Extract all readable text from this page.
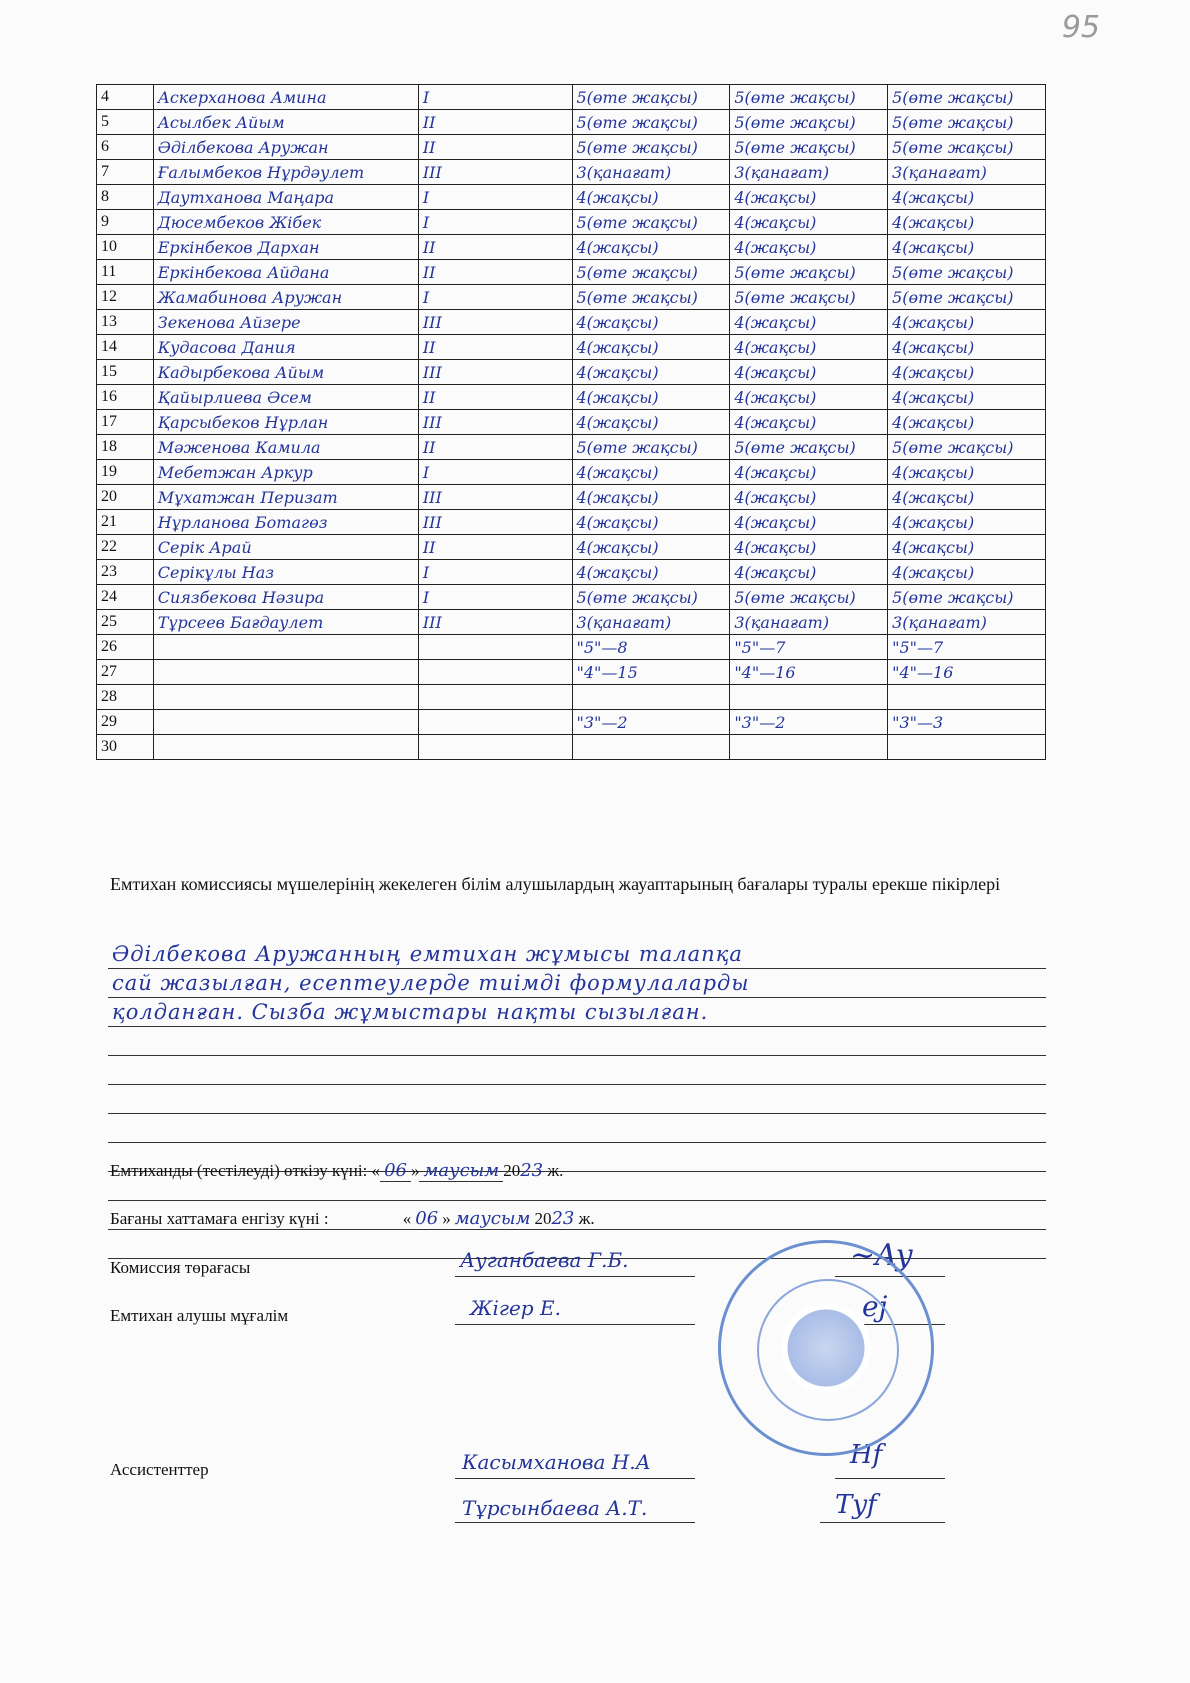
95
4	Аскерханова Амина	I	5(өте жақсы)	5(өте жақсы)	5(өте жақсы)
5	Асылбек Айым	II	5(өте жақсы)	5(өте жақсы)	5(өте жақсы)
6	Әділбекова Аружан	II	5(өте жақсы)	5(өте жақсы)	5(өте жақсы)
7	Ғалымбеков Нұрдәулет	III	3(қанағат)	3(қанағат)	3(қанағат)
8	Даутханова Маңара	I	4(жақсы)	4(жақсы)	4(жақсы)
9	Дюсембеков Жібек	I	5(өте жақсы)	4(жақсы)	4(жақсы)
10	Еркінбеков Дархан	II	4(жақсы)	4(жақсы)	4(жақсы)
11	Еркінбекова Айдана	II	5(өте жақсы)	5(өте жақсы)	5(өте жақсы)
12	Жамабинова Аружан	I	5(өте жақсы)	5(өте жақсы)	5(өте жақсы)
13	Зекенова Айзере	III	4(жақсы)	4(жақсы)	4(жақсы)
14	Кудасова Дания	II	4(жақсы)	4(жақсы)	4(жақсы)
15	Кадырбекова Айым	III	4(жақсы)	4(жақсы)	4(жақсы)
16	Қайырлиева Әсем	II	4(жақсы)	4(жақсы)	4(жақсы)
17	Қарсыбеков Нұрлан	III	4(жақсы)	4(жақсы)	4(жақсы)
18	Мәженова Камила	II	5(өте жақсы)	5(өте жақсы)	5(өте жақсы)
19	Мебетжан Аркур	I	4(жақсы)	4(жақсы)	4(жақсы)
20	Мұхатжан Перизат	III	4(жақсы)	4(жақсы)	4(жақсы)
21	Нұрланова Ботагөз	III	4(жақсы)	4(жақсы)	4(жақсы)
22	Серік Арай	II	4(жақсы)	4(жақсы)	4(жақсы)
23	Серікұлы Наз	I	4(жақсы)	4(жақсы)	4(жақсы)
24	Сиязбекова Нәзира	I	5(өте жақсы)	5(өте жақсы)	5(өте жақсы)
25	Тұрсеев Бағдаулет	III	3(қанағат)	3(қанағат)	3(қанағат)
26			"5"—8	"5"—7	"5"—7
27			"4"—15	"4"—16	"4"—16
28					
29			"3"—2	"3"—2	"3"—3
30					
Емтихан комиссиясы мүшелерінің жекелеген білім алушылардың жауаптарының бағалары туралы ерекше пікірлері
Әділбекова Аружанның емтихан жұмысы талапқа
сай жазылған, есептеулерде тиімді формулаларды
қолданған. Сызба жұмыстары нақты сызылған.
Емтиханды (тестілеуді) өткізу күні: « 06 » маусым 2023 ж.
Бағаны хаттамаға енгізу күні :	« 06 » маусым 2023 ж.
Комиссия төрағасы	Ауганбаева Г.Б.	~Ay
Емтихан алушы мұғалім	Жігер Е.	ej
Ассистенттер	Касымханова Н.А	Hf
Тұрсынбаева А.Т.	Tyf
